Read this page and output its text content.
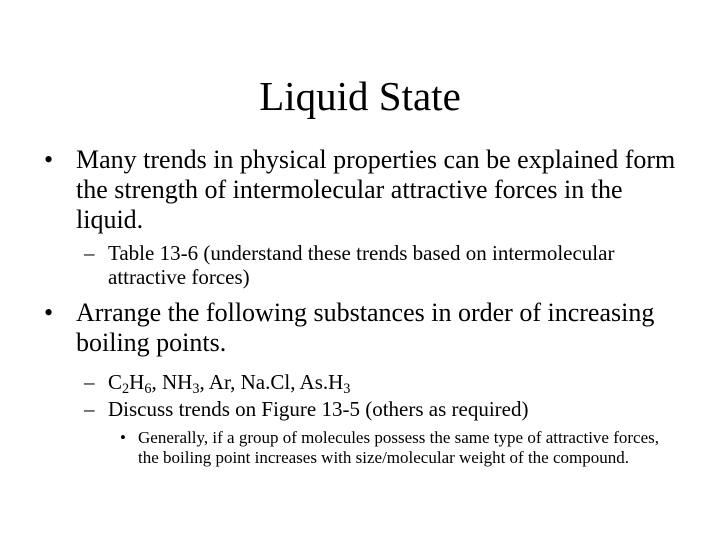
Liquid State
• Many trends in physical properties can be explained form the strength of intermolecular attractive forces in the liquid.
– Table 13-6 (understand these trends based on intermolecular attractive forces)
• Arrange the following substances in order of increasing boiling points.
– $C_2H_6$, $NH_3$, Ar, Na.Cl, $As.H_3$
– Discuss trends on Figure 13-5 (others as required)
• Generally, if a group of molecules possess the same type of attractive forces, the boiling point increases with size/molecular weight of the compound.
